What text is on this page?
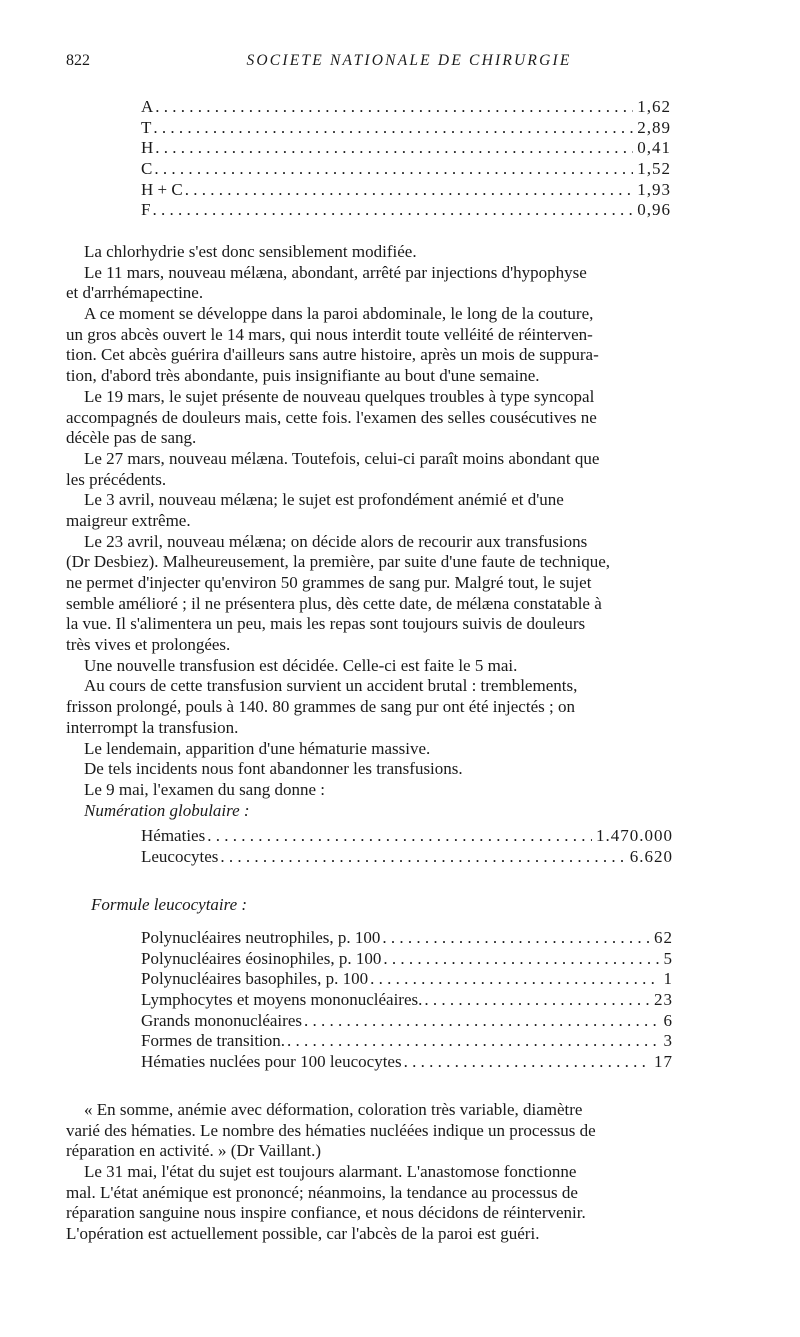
822	SOCIETE NATIONALE DE CHIRURGIE
A . . .	1,62
T . . .	2,89
H . . .	0,41
C . . .	1,52
H + C . . .	1,93
F . . .	0,96
La chlorhydrie s'est donc sensiblement modifiée.
Le 11 mars, nouveau mélæna, abondant, arrêté par injections d'hypophyse
et d'arrhémapectine.
A ce moment se développe dans la paroi abdominale, le long de la couture,
un gros abcès ouvert le 14 mars, qui nous interdit toute velléité de réinterven-
tion. Cet abcès guérira d'ailleurs sans autre histoire, après un mois de suppura-
tion, d'abord très abondante, puis insignifiante au bout d'une semaine.
Le 19 mars, le sujet présente de nouveau quelques troubles à type syncopal
accompagnés de douleurs mais, cette fois. l'examen des selles cousécutives ne
décèle pas de sang.
Le 27 mars, nouveau mélæna. Toutefois, celui-ci paraît moins abondant que
les précédents.
Le 3 avril, nouveau mélæna; le sujet est profondément anémié et d'une
maigreur extrême.
Le 23 avril, nouveau mélæna; on décide alors de recourir aux transfusions
(Dr Desbiez). Malheureusement, la première, par suite d'une faute de technique,
ne permet d'injecter qu'environ 50 grammes de sang pur. Malgré tout, le sujet
semble amélioré ; il ne présentera plus, dès cette date, de mélæna constatable à
la vue. Il s'alimentera un peu, mais les repas sont toujours suivis de douleurs
très vives et prolongées.
Une nouvelle transfusion est décidée. Celle-ci est faite le 5 mai.
Au cours de cette transfusion survient un accident brutal : tremblements,
frisson prolongé, pouls à 140. 80 grammes de sang pur ont été injectés ; on
interrompt la transfusion.
Le lendemain, apparition d'une hématurie massive.
De tels incidents nous font abandonner les transfusions.
Le 9 mai, l'examen du sang donne :
Numération globulaire :
Hématies . . .	1.470.000
Leucocytes . . .	6.620
Formule leucocytaire :
Polynucléaires neutrophiles, p. 100 . . .	62
Polynucléaires éosinophiles, p. 100 . . .	5
Polynucléaires basophiles, p. 100 . . .	1
Lymphocytes et moyens mononucléaires. . . .	23
Grands mononucléaires . . .	6
Formes de transition. . . .	3
Hématies nuclées pour 100 leucocytes . . .	17
« En somme, anémie avec déformation, coloration très variable, diamètre
varié des hématies. Le nombre des hématies nucléées indique un processus de
réparation en activité. » (Dr Vaillant.)
Le 31 mai, l'état du sujet est toujours alarmant. L'anastomose fonctionne
mal. L'état anémique est prononcé; néanmoins, la tendance au processus de
réparation sanguine nous inspire confiance, et nous décidons de réintervenir.
L'opération est actuellement possible, car l'abcès de la paroi est guéri.
